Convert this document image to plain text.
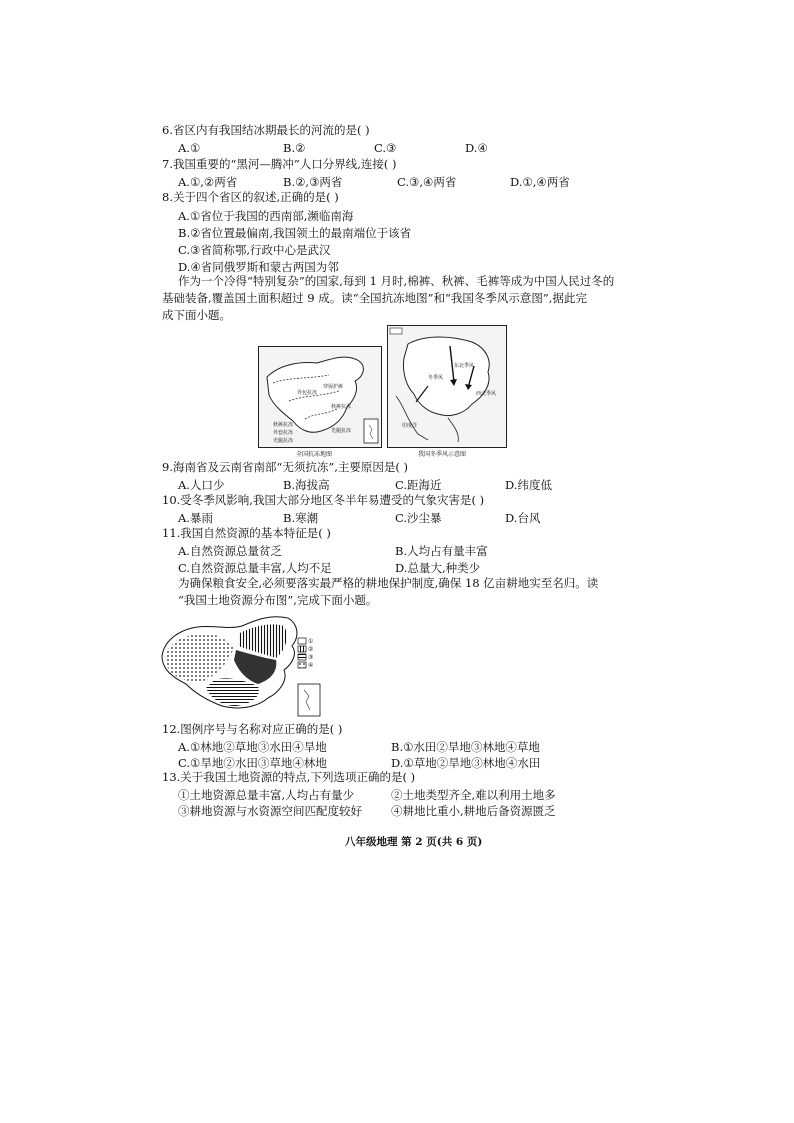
6.省区内有我国结冰期最长的河流的是( )
A.①	B.②	C.③	D.④
7.我国重要的“黑河—腾冲”人口分界线,连接( )
A.①,②两省	B.②,③两省	C.③,④两省	D.①,④两省
8.关于四个省区的叙述,正确的是( )
A.①省位于我国的西南部,濒临南海
B.②省位置最偏南,我国领土的最南端位于该省
C.③省简称鄂,行政中心是武汉
D.④省同俄罗斯和蒙古两国为邻
作为一个冷得“特别复杂”的国家,每到 1 月时,棉裤、秋裤、毛裤等成为中国人民过冬的
基础装备,覆盖国土面积超过 9 成。读“全国抗冻地图”和“我国冬季风示意图”,据此完
成下面小题。
外包抗冻
穿保护裤
秋裤抗冻
光腿抗冻
秋裤抗冻
外套抗冻
光腿抗冻
全国抗冻地图
东北季风
西北季风
冬季风
印度洋
我国冬季风示意图
9.海南省及云南省南部“无须抗冻”,主要原因是( )
A.人口少	B.海拔高	C.距海近	D.纬度低
10.受冬季风影响,我国大部分地区冬半年易遭受的气象灾害是( )
A.暴雨	B.寒潮	C.沙尘暴	D.台风
11.我国自然资源的基本特征是( )
A.自然资源总量贫乏	B.人均占有量丰富
C.自然资源总量丰富,人均不足	D.总量大,种类少
为确保粮食安全,必须要落实最严格的耕地保护制度,确保 18 亿亩耕地实至名归。读
“我国土地资源分布图”,完成下面小题。
①
②
③
④
12.图例序号与名称对应正确的是( )
A.①林地②草地③水田④旱地	B.①水田②旱地③林地④草地
C.①旱地②水田③草地④林地	D.①草地②旱地③林地④水田
13.关于我国土地资源的特点,下列选项正确的是( )
①土地资源总量丰富,人均占有量少	②土地类型齐全,难以利用土地多
③耕地资源与水资源空间匹配度较好	④耕地比重小,耕地后备资源匮乏
八年级地理 第 2 页(共 6 页)
